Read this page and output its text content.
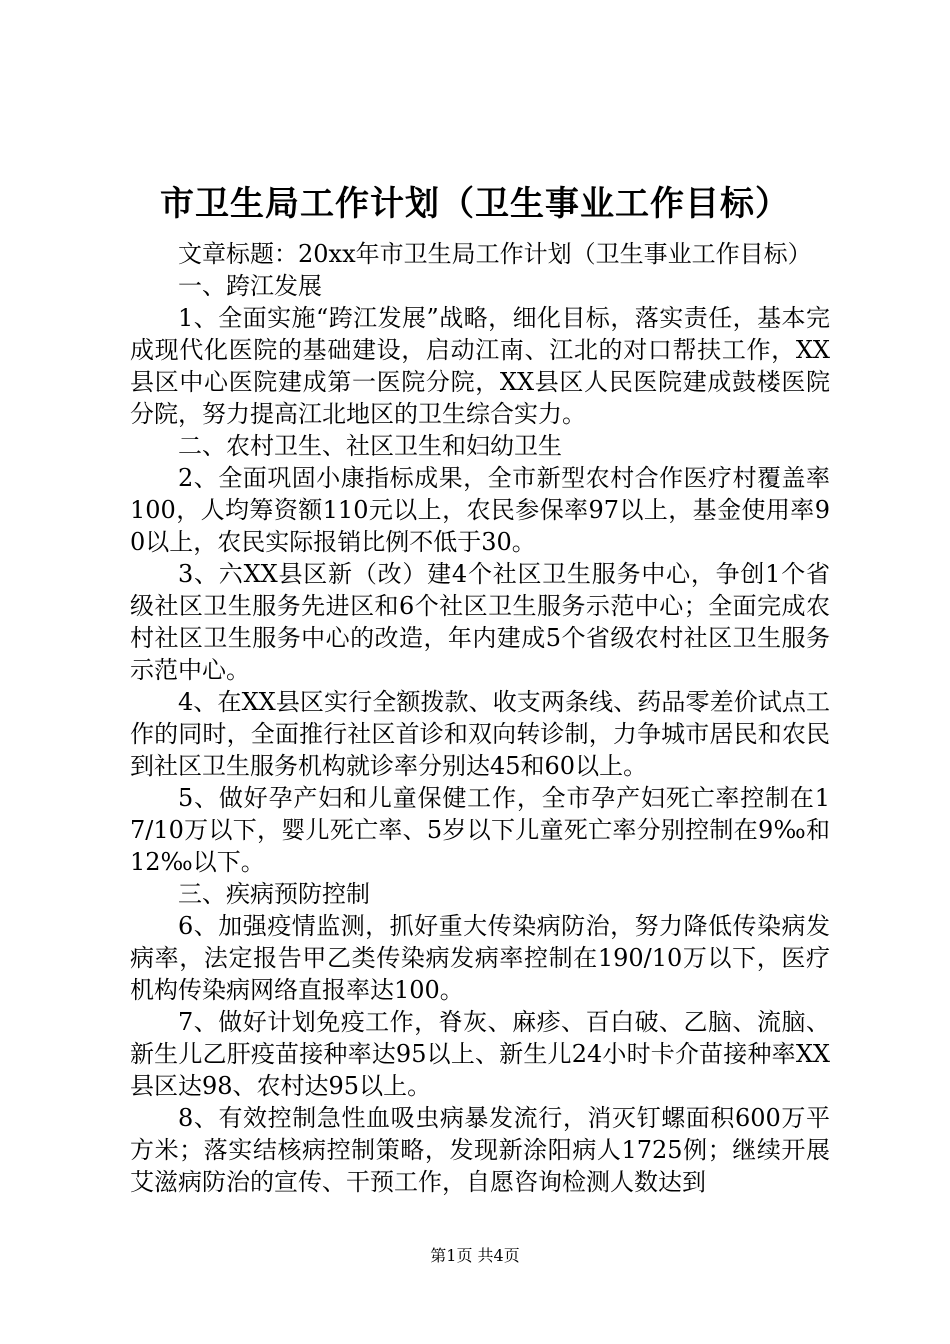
市卫生局工作计划（卫生事业工作目标）

文章标题：20xx年市卫生局工作计划（卫生事业工作目标）

一、跨江发展

1、全面实施“跨江发展”战略，细化目标，落实责任，基本完成现代化医院的基础建设，启动江南、江北的对口帮扶工作，XX县区中心医院建成第一医院分院，XX县区人民医院建成鼓楼医院分院，努力提高江北地区的卫生综合实力。

二、农村卫生、社区卫生和妇幼卫生

2、全面巩固小康指标成果，全市新型农村合作医疗村覆盖率100，人均筹资额110元以上，农民参保率97以上，基金使用率90以上，农民实际报销比例不低于30。

3、六XX县区新（改）建4个社区卫生服务中心，争创1个省级社区卫生服务先进区和6个社区卫生服务示范中心；全面完成农村社区卫生服务中心的改造，年内建成5个省级农村社区卫生服务示范中心。

4、在XX县区实行全额拨款、收支两条线、药品零差价试点工作的同时，全面推行社区首诊和双向转诊制，力争城市居民和农民到社区卫生服务机构就诊率分别达45和60以上。

5、做好孕产妇和儿童保健工作，全市孕产妇死亡率控制在17/10万以下，婴儿死亡率、5岁以下儿童死亡率分别控制在9‰和12‰以下。

三、疾病预防控制

6、加强疫情监测，抓好重大传染病防治，努力降低传染病发病率，法定报告甲乙类传染病发病率控制在190/10万以下，医疗机构传染病网络直报率达100。

7、做好计划免疫工作，脊灰、麻疹、百白破、乙脑、流脑、新生儿乙肝疫苗接种率达95以上、新生儿24小时卡介苗接种率XX县区达98、农村达95以上。

8、有效控制急性血吸虫病暴发流行，消灭钉螺面积600万平方米；落实结核病控制策略，发现新涂阳病人1725例；继续开展艾滋病防治的宣传、干预工作，自愿咨询检测人数达到

第1页 共4页
